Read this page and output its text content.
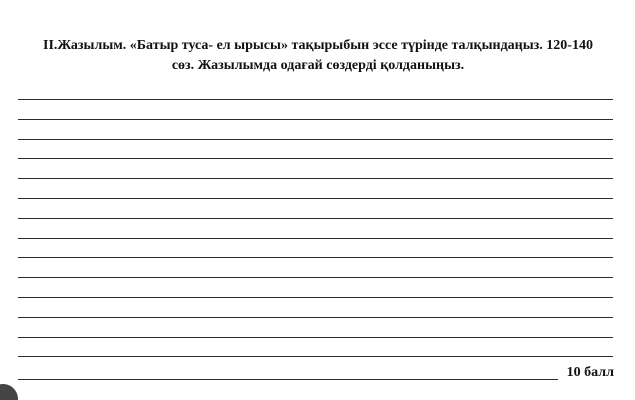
II.Жазылым. «Батыр туса- ел ырысы» тақырыбын эссе түрінде талқындаңыз. 120-140
сөз. Жазылымда одағай сөздерді қолданыңыз.

10 балл
